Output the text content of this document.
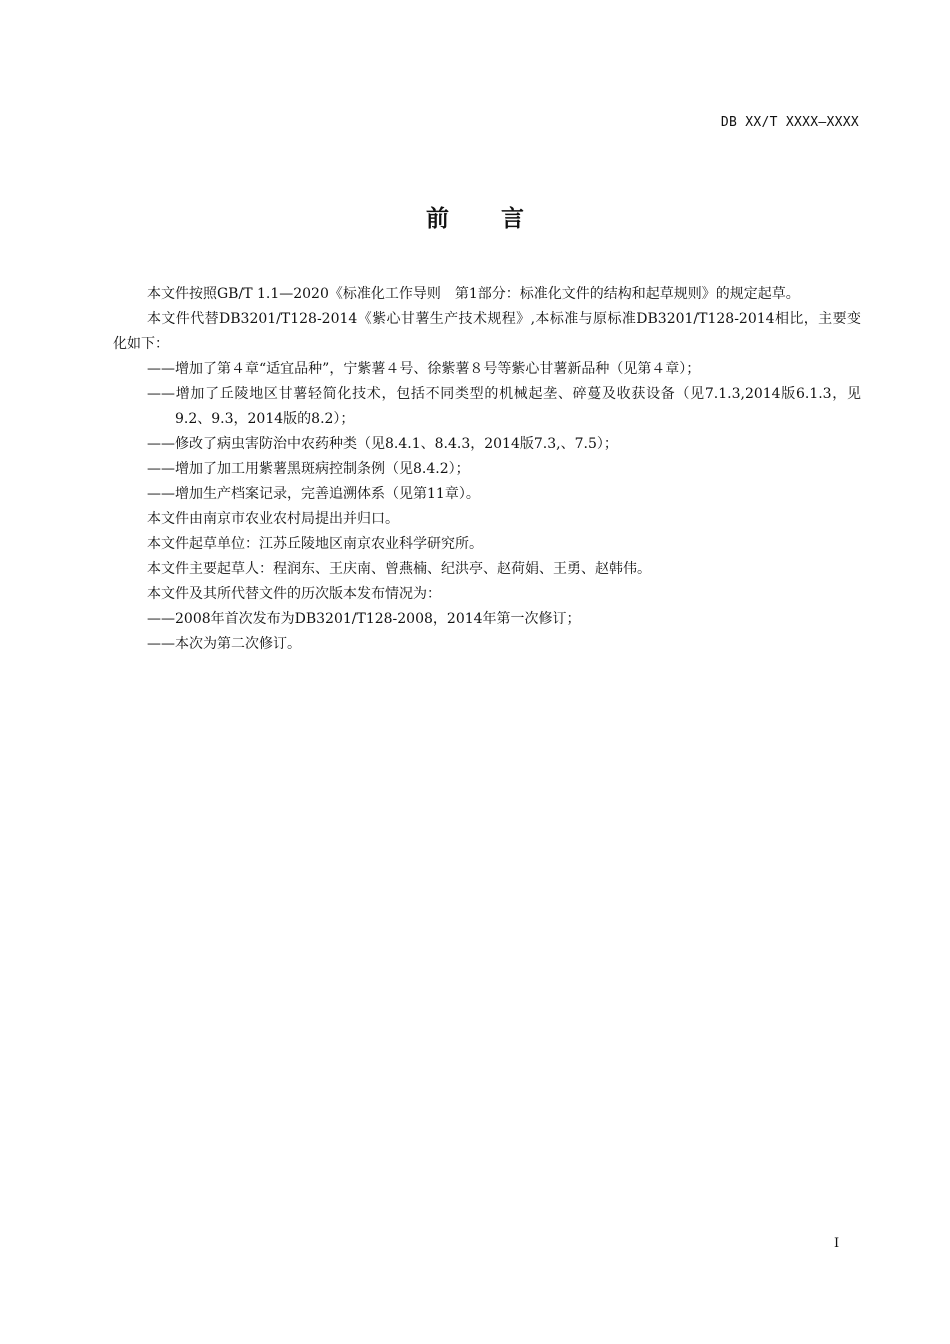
DB XX/T XXXX—XXXX
前言

本文件按照GB/T 1.1—2020《标准化工作导则　第1部分：标准化文件的结构和起草规则》的规定起草。

本文件代替DB3201/T128-2014《紫心甘薯生产技术规程》,本标准与原标准DB3201/T128-2014相比，主要变化如下：

——增加了第４章“适宜品种”，宁紫薯４号、徐紫薯８号等紫心甘薯新品种（见第４章）；

——增加了丘陵地区甘薯轻简化技术，包括不同类型的机械起垄、碎蔓及收获设备（见7.1.3,2014版6.1.3，见9.2、9.3，2014版的8.2）；

——修改了病虫害防治中农药种类（见8.4.1、8.4.3，2014版7.3,、7.5）；

——增加了加工用紫薯黑斑病控制条例（见8.4.2）；

——增加生产档案记录，完善追溯体系（见第11章）。

本文件由南京市农业农村局提出并归口。

本文件起草单位：江苏丘陵地区南京农业科学研究所。

本文件主要起草人：程润东、王庆南、曾燕楠、纪洪亭、赵荷娟、王勇、赵韩伟。

本文件及其所代替文件的历次版本发布情况为：

——2008年首次发布为DB3201/T128-2008，2014年第一次修订；

——本次为第二次修订。

I
